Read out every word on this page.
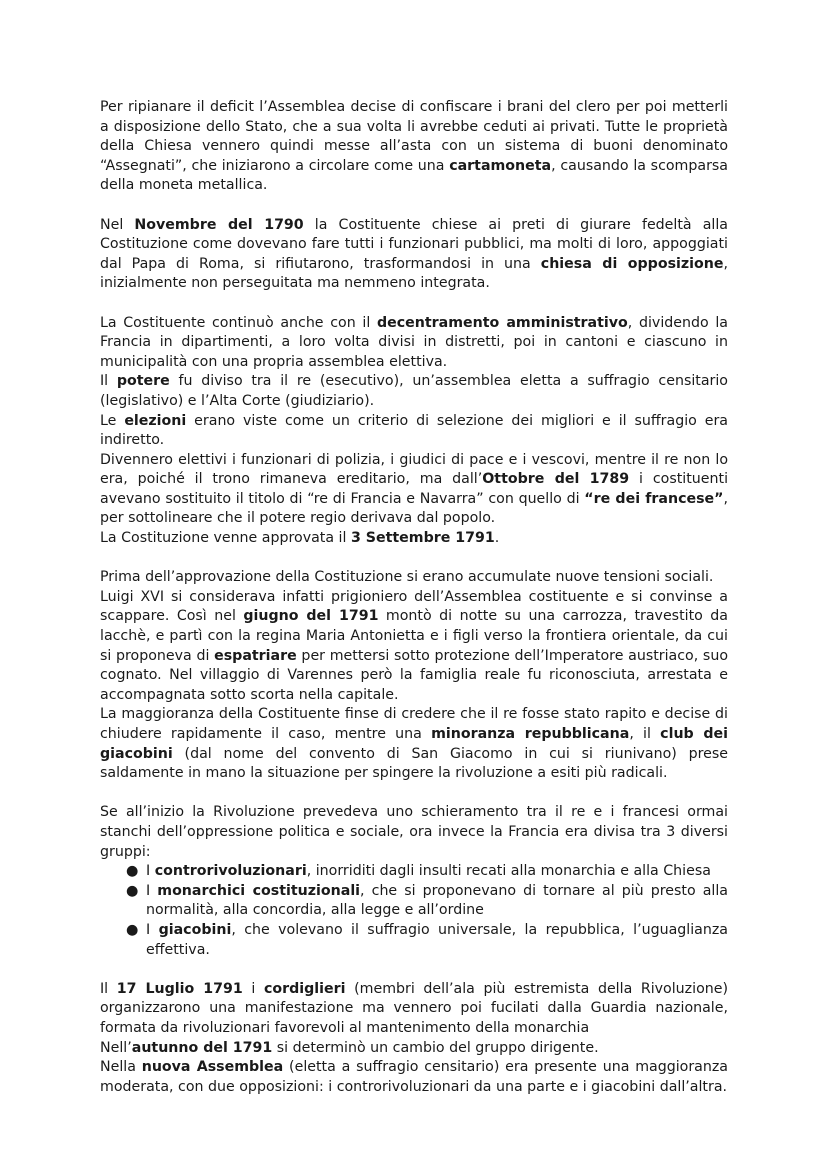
Per ripianare il deficit l’Assemblea decise di confiscare i brani del clero per poi metterli a disposizione dello Stato, che a sua volta li avrebbe ceduti ai privati. Tutte le proprietà della Chiesa vennero quindi messe all’asta con un sistema di buoni denominato “Assegnati”, che iniziarono a circolare come una cartamoneta, causando la scomparsa della moneta metallica.

Nel Novembre del 1790 la Costituente chiese ai preti di giurare fedeltà alla Costituzione come dovevano fare tutti i funzionari pubblici, ma molti di loro, appoggiati dal Papa di Roma, si rifiutarono, trasformandosi in una chiesa di opposizione, inizialmente non perseguitata ma nemmeno integrata.

La Costituente continuò anche con il decentramento amministrativo, dividendo la Francia in dipartimenti, a loro volta divisi in distretti, poi in cantoni e ciascuno in municipalità con una propria assemblea elettiva.

Il potere fu diviso tra il re (esecutivo), un’assemblea eletta a suffragio censitario (legislativo) e l’Alta Corte (giudiziario).

Le elezioni erano viste come un criterio di selezione dei migliori e il suffragio era indiretto.

Divennero elettivi i funzionari di polizia, i giudici di pace e i vescovi, mentre il re non lo era, poiché il trono rimaneva ereditario, ma dall’Ottobre del 1789 i costituenti avevano sostituito il titolo di “re di Francia e Navarra” con quello di “re dei francese”, per sottolineare che il potere regio derivava dal popolo.

La Costituzione venne approvata il 3 Settembre 1791.

Prima dell’approvazione della Costituzione si erano accumulate nuove tensioni sociali.

Luigi XVI si considerava infatti prigioniero dell’Assemblea costituente e si convinse a scappare. Così nel giugno del 1791 montò di notte su una carrozza, travestito da lacchè, e partì con la regina Maria Antonietta e i figli verso la frontiera orientale, da cui si proponeva di espatriare per mettersi sotto protezione dell’Imperatore austriaco, suo cognato. Nel villaggio di Varennes però la famiglia reale fu riconosciuta, arrestata e accompagnata sotto scorta nella capitale.

La maggioranza della Costituente finse di credere che il re fosse stato rapito e decise di chiudere rapidamente il caso, mentre una minoranza repubblicana, il club dei giacobini (dal nome del convento di San Giacomo in cui si riunivano) prese saldamente in mano la situazione per spingere la rivoluzione a esiti più radicali.

Se all’inizio la Rivoluzione prevedeva uno schieramento tra il re e i francesi ormai stanchi dell’oppressione politica e sociale, ora invece la Francia era divisa tra 3 diversi gruppi:

● I controrivoluzionari, inorriditi dagli insulti recati alla monarchia e alla Chiesa
● I monarchici costituzionali, che si proponevano di tornare al più presto alla normalità, alla concordia, alla legge e all’ordine
● I giacobini, che volevano il suffragio universale, la repubblica, l’uguaglianza effettiva.

Il 17 Luglio 1791 i cordiglieri (membri dell’ala più estremista della Rivoluzione) organizzarono una manifestazione ma vennero poi fucilati dalla Guardia nazionale, formata da rivoluzionari favorevoli al mantenimento della monarchia

Nell’autunno del 1791 si determinò un cambio del gruppo dirigente.

Nella nuova Assemblea (eletta a suffragio censitario) era presente una maggioranza moderata, con due opposizioni: i controrivoluzionari da una parte e i giacobini dall’altra.
